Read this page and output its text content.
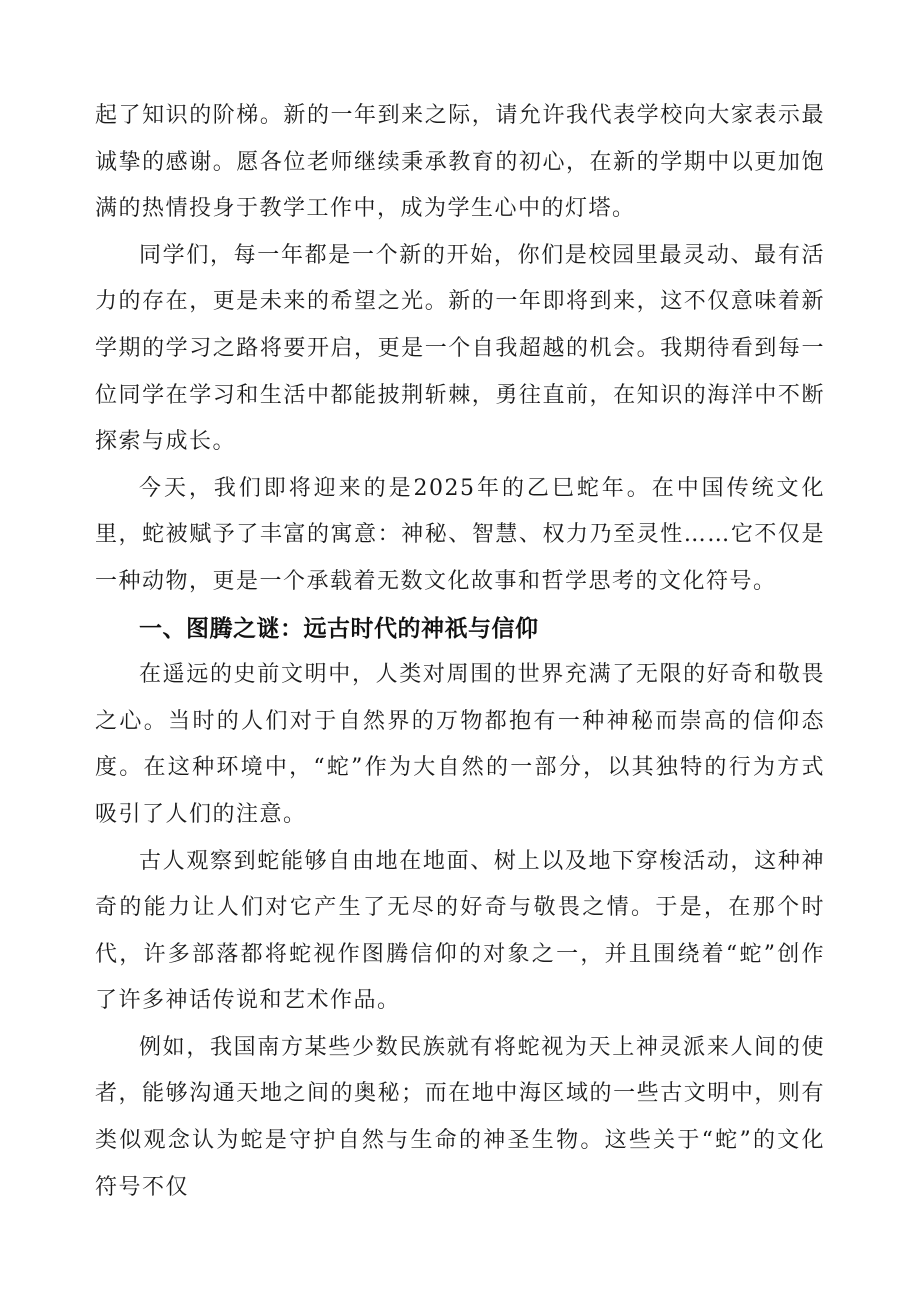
起了知识的阶梯。新的一年到来之际，请允许我代表学校向大家表示最诚挚的感谢。愿各位老师继续秉承教育的初心，在新的学期中以更加饱满的热情投身于教学工作中，成为学生心中的灯塔。

同学们，每一年都是一个新的开始，你们是校园里最灵动、最有活力的存在，更是未来的希望之光。新的一年即将到来，这不仅意味着新学期的学习之路将要开启，更是一个自我超越的机会。我期待看到每一位同学在学习和生活中都能披荆斩棘，勇往直前，在知识的海洋中不断探索与成长。

今天，我们即将迎来的是2025年的乙巳蛇年。在中国传统文化里，蛇被赋予了丰富的寓意：神秘、智慧、权力乃至灵性……它不仅是一种动物，更是一个承载着无数文化故事和哲学思考的文化符号。

一、图腾之谜：远古时代的神祇与信仰

在遥远的史前文明中，人类对周围的世界充满了无限的好奇和敬畏之心。当时的人们对于自然界的万物都抱有一种神秘而崇高的信仰态度。在这种环境中，“蛇”作为大自然的一部分，以其独特的行为方式吸引了人们的注意。

古人观察到蛇能够自由地在地面、树上以及地下穿梭活动，这种神奇的能力让人们对它产生了无尽的好奇与敬畏之情。于是，在那个时代，许多部落都将蛇视作图腾信仰的对象之一，并且围绕着“蛇”创作了许多神话传说和艺术作品。

例如，我国南方某些少数民族就有将蛇视为天上神灵派来人间的使者，能够沟通天地之间的奥秘；而在地中海区域的一些古文明中，则有类似观念认为蛇是守护自然与生命的神圣生物。这些关于“蛇”的文化符号不仅
